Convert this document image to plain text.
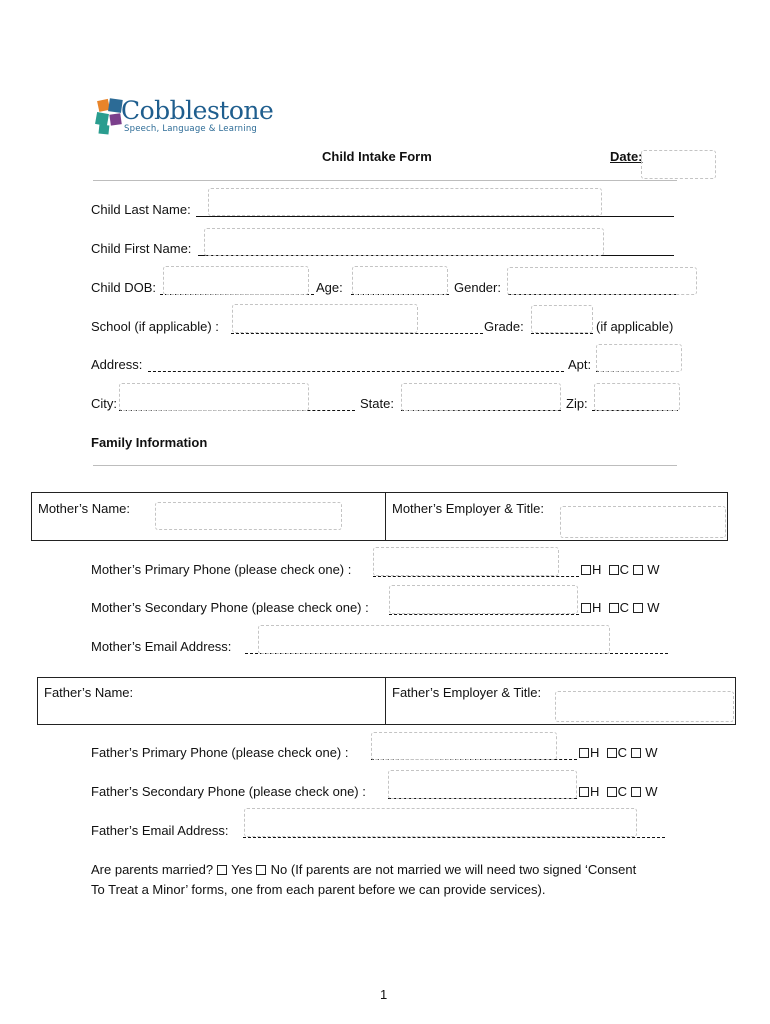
Cobblestone
Speech, Language & Learning
Child Intake Form	Date:
Child Last Name:
Child First Name:
Child DOB:	Age:	Gender:
School (if applicable) :	Grade:	(if applicable)
Address:	Apt:
City:	State:	Zip:
Family Information
Mother’s Name:	Mother’s Employer & Title:
Mother’s Primary Phone (please check one) :	H C W
Mother’s Secondary Phone (please check one) :	H C W
Mother’s Email Address:
Father’s Name:	Father’s Employer & Title:
Father’s Primary Phone (please check one) :	H C W
Father’s Secondary Phone (please check one) :	H C W
Father’s Email Address:
Are parents married? Yes No (If parents are not married we will need two signed ‘Consent
To Treat a Minor’ forms, one from each parent before we can provide services).
1
